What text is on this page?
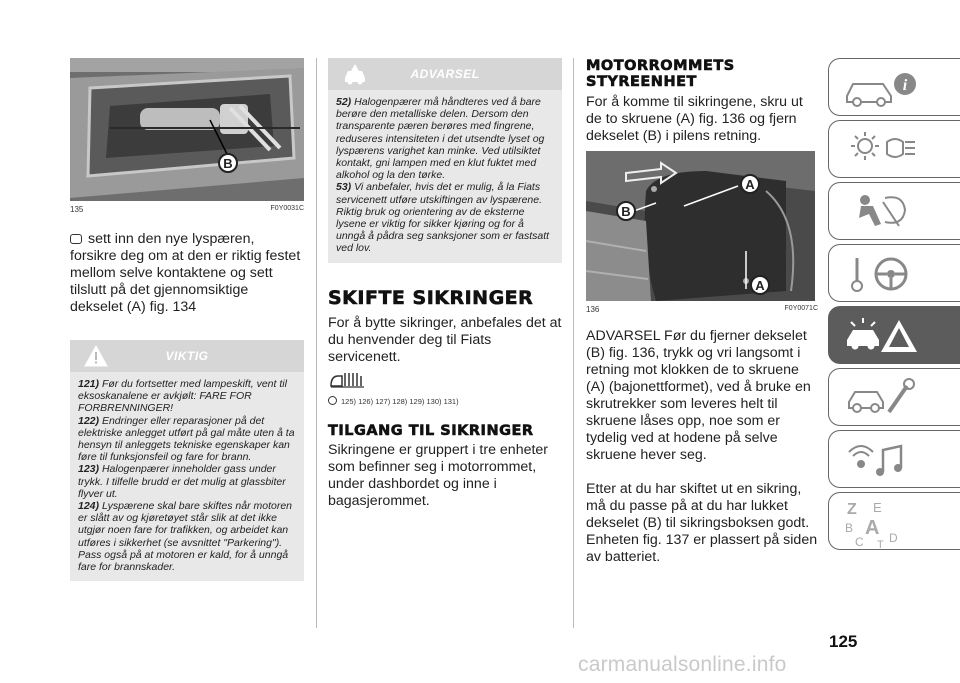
B
135	F0Y0031C

sett inn den nye lyspæren, forsikre deg om at den er riktig festet mellom selve kontaktene og sett tilslutt på det gjennomsiktige dekselet (A) fig. 134

VIKTIG

121) Før du fortsetter med lampeskift, vent til eksoskanalene er avkjølt: FARE FOR FORBRENNINGER!

122) Endringer eller reparasjoner på det elektriske anlegget utført på gal måte uten å ta hensyn til anleggets tekniske egenskaper kan føre til funksjonsfeil og fare for brann.

123) Halogenpærer inneholder gass under trykk. I tilfelle brudd er det mulig at glassbiter flyver ut.

124) Lyspærene skal bare skiftes når motoren er slått av og kjøretøyet står slik at det ikke utgjør noen fare for trafikken, og arbeidet kan utføres i sikkerhet (se avsnittet "Parkering"). Pass også på at motoren er kald, for å unngå fare for brannskader.

ADVARSEL

52) Halogenpærer må håndteres ved å bare berøre den metalliske delen. Dersom den transparente pæren berøres med fingrene, reduseres intensiteten i det utsendte lyset og lyspærens varighet kan minke. Ved utilsiktet kontakt, gni lampen med en klut fuktet med alkohol og la den tørke.

53) Vi anbefaler, hvis det er mulig, å la Fiats servicenett utføre utskiftingen av lyspærene. Riktig bruk og orientering av de eksterne lysene er viktig for sikker kjøring og for å unngå å pådra seg sanksjoner som er fastsatt ved lov.

SKIFTE SIKRINGER

For å bytte sikringer, anbefales det at du henvender deg til Fiats servicenett.

125) 126) 127) 128) 129) 130) 131)
TILGANG TIL SIKRINGER

Sikringene er gruppert i tre enheter som befinner seg i motorrommet, under dashbordet og inne i bagasjerommet.

MOTORROMMETS
STYREENHET

For å komme til sikringene, skru ut de to skruene (A) fig. 136 og fjern dekselet (B) i pilens retning.

A
B
A
136	F0Y0071C

ADVARSEL Før du fjerner dekselet (B) fig. 136, trykk og vri langsomt i retning mot klokken de to skruene (A) (bajonettformet), ved å bruke en skrutrekker som leveres helt til skruene låses opp, noe som er tydelig ved at hodene på selve skruene hever seg.

Etter at du har skiftet ut en sikring, må du passe på at du har lukket dekselet (B) til sikringsboksen godt. Enheten fig. 137 er plassert på siden av batteriet.

i
Z E
B A
C D
T
125
carmanualsonline.info
